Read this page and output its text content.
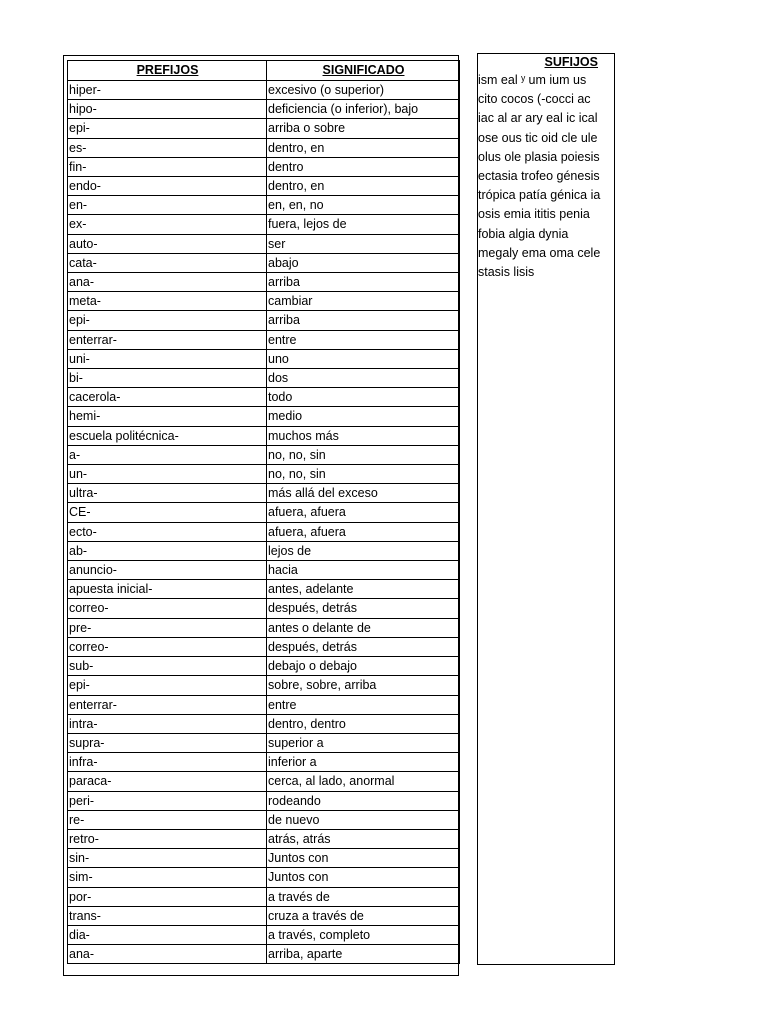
PREFIJOS	SIGNIFICADO
hiper-	excesivo (o superior)
hipo-	deficiencia (o inferior), bajo
epi-	arriba o sobre
es-	dentro, en
fin-	dentro
endo-	dentro, en
en-	en, en, no
ex-	fuera, lejos de
auto-	ser
cata-	abajo
ana-	arriba
meta-	cambiar
epi-	arriba
enterrar-	entre
uni-	uno
bi-	dos
cacerola-	todo
hemi-	medio
escuela politécnica-	muchos más
a-	no, no, sin
un-	no, no, sin
ultra-	más allá del exceso
CE-	afuera, afuera
ecto-	afuera, afuera
ab-	lejos de
anuncio-	hacia
apuesta inicial-	antes, adelante
correo-	después, detrás
pre-	antes o delante de
correo-	después, detrás
sub-	debajo o debajo
epi-	sobre, sobre, arriba
enterrar-	entre
intra-	dentro, dentro
supra-	superior a
infra-	inferior a
paraca-	cerca, al lado, anormal
peri-	rodeando
re-	de nuevo
retro-	atrás, atrás
sin-	Juntos con
sim-	Juntos con
por-	a través de
trans-	cruza a través de
dia-	a través, completo
ana-	arriba, aparte
SUFIJOS
ism eal ʸ um ium us
cito cocos (-cocci ac
iac al ar ary eal ic ical
ose ous tic oid cle ule
olus ole plasia poiesis
ectasia trofeo génesis
trópica patía génica ia
osis emia ititis penia
fobia algia dynia
megaly ema oma cele
stasis lisis
